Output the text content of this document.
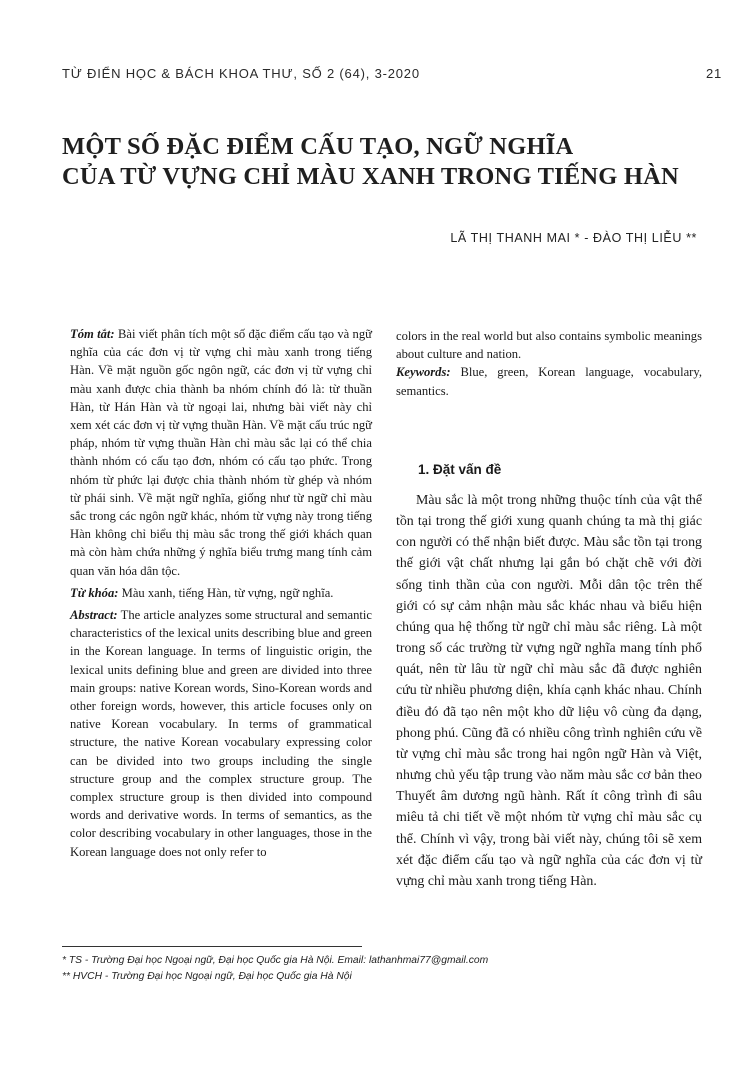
TỪ ĐIỂN HỌC & BÁCH KHOA THƯ, SỐ 2 (64), 3-2020	21
MỘT SỐ ĐẶC ĐIỂM CẤU TẠO, NGỮ NGHĨA
CỦA TỪ VỰNG CHỈ MÀU XANH TRONG TIẾNG HÀN
LÃ THỊ THANH MAI * - ĐÀO THỊ LIỄU **

Tóm tắt: Bài viết phân tích một số đặc điểm cấu tạo và ngữ nghĩa của các đơn vị từ vựng chỉ màu xanh trong tiếng Hàn. Về mặt nguồn gốc ngôn ngữ, các đơn vị từ vựng chỉ màu xanh được chia thành ba nhóm chính đó là: từ thuần Hàn, từ Hán Hàn và từ ngoại lai, nhưng bài viết này chỉ xem xét các đơn vị từ vựng thuần Hàn. Về mặt cấu trúc ngữ pháp, nhóm từ vựng thuần Hàn chỉ màu sắc lại có thể chia thành nhóm có cấu tạo đơn, nhóm có cấu tạo phức. Trong nhóm từ phức lại được chia thành nhóm từ ghép và nhóm từ phái sinh. Về mặt ngữ nghĩa, giống như từ ngữ chỉ màu sắc trong các ngôn ngữ khác, nhóm từ vựng này trong tiếng Hàn không chỉ biểu thị màu sắc trong thế giới khách quan mà còn hàm chứa những ý nghĩa biểu trưng mang tính cảm quan văn hóa dân tộc.

Từ khóa: Màu xanh, tiếng Hàn, từ vựng, ngữ nghĩa.

Abstract: The article analyzes some structural and semantic characteristics of the lexical units describing blue and green in the Korean language. In terms of linguistic origin, the lexical units defining blue and green are divided into three main groups: native Korean words, Sino-Korean words and other foreign words, however, this article focuses only on native Korean vocabulary. In terms of grammatical structure, the native Korean vocabulary expressing color can be divided into two groups including the single structure group and the complex structure group. The complex structure group is then divided into compound words and derivative words. In terms of semantics, as the color describing vocabulary in other languages, those in the Korean language does not only refer to

colors in the real world but also contains symbolic meanings about culture and nation.

Keywords: Blue, green, Korean language, vocabulary, semantics.

1. Đặt vấn đề

Màu sắc là một trong những thuộc tính của vật thể tồn tại trong thế giới xung quanh chúng ta mà thị giác con người có thể nhận biết được. Màu sắc tồn tại trong thế giới vật chất nhưng lại gắn bó chặt chẽ với đời sống tinh thần của con người. Mỗi dân tộc trên thế giới có sự cảm nhận màu sắc khác nhau và biểu hiện chúng qua hệ thống từ ngữ chỉ màu sắc riêng. Là một trong số các trường từ vựng ngữ nghĩa mang tính phổ quát, nên từ lâu từ ngữ chỉ màu sắc đã được nghiên cứu từ nhiều phương diện, khía cạnh khác nhau. Chính điều đó đã tạo nên một kho dữ liệu vô cùng đa dạng, phong phú. Cũng đã có nhiều công trình nghiên cứu về từ vựng chỉ màu sắc trong hai ngôn ngữ Hàn và Việt, nhưng chủ yếu tập trung vào năm màu sắc cơ bản theo Thuyết âm dương ngũ hành. Rất ít công trình đi sâu miêu tả chi tiết về một nhóm từ vựng chỉ màu sắc cụ thể. Chính vì vậy, trong bài viết này, chúng tôi sẽ xem xét đặc điểm cấu tạo và ngữ nghĩa của các đơn vị từ vựng chỉ màu xanh trong tiếng Hàn.

* TS - Trường Đại học Ngoại ngữ, Đại học Quốc gia Hà Nội. Email: lathanhmai77@gmail.com
** HVCH - Trường Đại học Ngoại ngữ, Đại học Quốc gia Hà Nội
